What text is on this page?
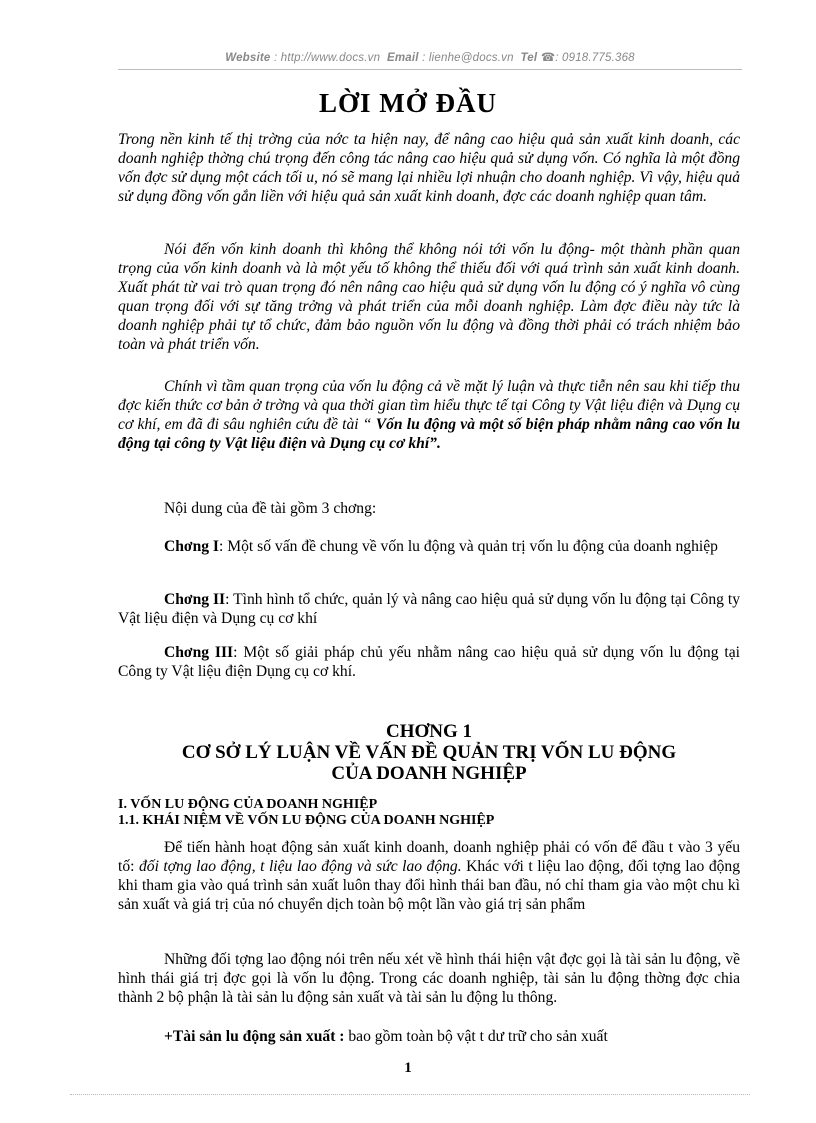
Website : http://www.docs.vn Email : lienhe@docs.vn Tel ☎: 0918.775.368
LỜI MỞ ĐẦU

Trong nền kinh tế thị trờng của nớc ta hiện nay, để nâng cao hiệu quả sản xuất kinh doanh, các doanh nghiệp thờng chú trọng đến công tác nâng cao hiệu quả sử dụng vốn. Có nghĩa là một đồng vốn đợc sử dụng một cách tối u, nó sẽ mang lại nhiều lợi nhuận cho doanh nghiệp. Vì vậy, hiệu quả sử dụng đồng vốn gắn liền với hiệu quả sản xuất kinh doanh, đợc các doanh nghiệp quan tâm.

Nói đến vốn kinh doanh thì không thể không nói tới vốn lu động- một thành phần quan trọng của vốn kinh doanh và là một yếu tố không thể thiếu đối với quá trình sản xuất kinh doanh. Xuất phát từ vai trò quan trọng đó nên nâng cao hiệu quả sử dụng vốn lu động có ý nghĩa vô cùng quan trọng đối với sự tăng trởng và phát triển của mỗi doanh nghiệp. Làm đợc điều này tức là doanh nghiệp phải tự tổ chức, đảm bảo nguồn vốn lu động và đồng thời phải có trách nhiệm bảo toàn và phát triển vốn.

Chính vì tầm quan trọng của vốn lu động cả về mặt lý luận và thực tiễn nên sau khi tiếp thu đợc kiến thức cơ bản ở trờng và qua thời gian tìm hiểu thực tế tại Công ty Vật liệu điện và Dụng cụ cơ khí, em đã đi sâu nghiên cứu đề tài “ Vốn lu động và một số biện pháp nhằm nâng cao vốn lu động tại công ty Vật liệu điện và Dụng cụ cơ khí”.

Nội dung của đề tài gồm 3 chơng:

Chơng I: Một số vấn đề chung về vốn lu động và quản trị vốn lu động của doanh nghiệp

Chơng II: Tình hình tổ chức, quản lý và nâng cao hiệu quả sử dụng vốn lu động tại Công ty Vật liệu điện và Dụng cụ cơ khí

Chơng III: Một số giải pháp chủ yếu nhằm nâng cao hiệu quả sử dụng vốn lu động tại Công ty Vật liệu điện Dụng cụ cơ khí.

CHƠNG 1

CƠ SỞ LÝ LUẬN VỀ VẤN ĐỀ QUẢN TRỊ VỐN LU ĐỘNG

CỦA DOANH NGHIỆP

I. VỐN LU ĐỘNG CỦA DOANH NGHIỆP

1.1. KHÁI NIỆM VỀ VỐN LU ĐỘNG CỦA DOANH NGHIỆP

Để tiến hành hoạt động sản xuất kinh doanh, doanh nghiệp phải có vốn để đầu t vào 3 yếu tố: đối tợng lao động, t liệu lao động và sức lao động. Khác với t liệu lao động, đối tợng lao động khi tham gia vào quá trình sản xuất luôn thay đổi hình thái ban đầu, nó chỉ tham gia vào một chu kì sản xuất và giá trị của nó chuyển dịch toàn bộ một lần vào giá trị sản phẩm

Những đối tợng lao động nói trên nếu xét về hình thái hiện vật đợc gọi là tài sản lu động, về hình thái giá trị đợc gọi là vốn lu động. Trong các doanh nghiệp, tài sản lu động thờng đợc chia thành 2 bộ phận là tài sản lu động sản xuất và tài sản lu động lu thông.

+Tài sản lu động sản xuất : bao gồm toàn bộ vật t dư trữ cho sản xuất

1
